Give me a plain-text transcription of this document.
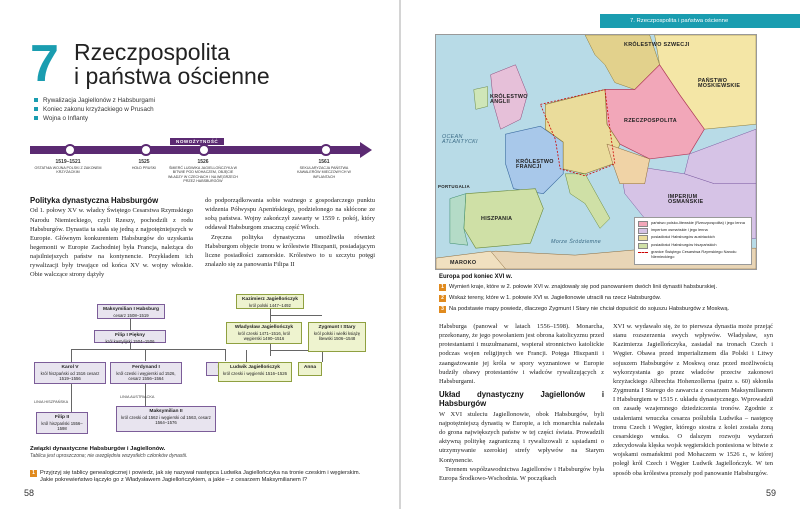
7 Rzeczpospolita
i państwa ościenne
Rywalizacja Jagiellonów z Habsburgami
Koniec zakonu krzyżackiego w Prusach
Wojna o Inflanty
NOWOŻYTNOŚĆ
1519–1521
OSTATNIA WOJNA POLSKI Z ZAKONEM KRZYŻACKIM
1525
HOŁD PRUSKI
1526
ŚMIERĆ LUDWIKA JAGIELLOŃCZYKA W BITWIE POD MOHACZEM, OBJĘCIE WŁADZY W CZECHACH I NA WĘGRZECH PRZEZ HABSBURGÓW
1561
SEKULARYZACJA PAŃSTWA KAWALERÓW MIECZOWYCH W INFLANTACH
Polityka dynastyczna Habsburgów

Od 1. połowy XV w. władcy Świętego Cesarstwa Rzymskiego Narodu Niemieckiego, czyli Rzeszy, pochodzili z rodu Habsburgów. Dynastia ta stała się jedną z najpotężniejszych w Europie. Głównym konkurentem Habsburgów do uzyskania hegemonii w Europie Zachodniej była Francja, należąca do najsilniejszych państw na kontynencie. Przykładem ich rywalizacji były trwające od końca XV w. wojny włoskie. Obie walczące strony dążyły

do podporządkowania sobie ważnego z gospodarczego punktu widzenia Półwyspu Apenińskiego, podzielonego na skłócone ze sobą państwa. Wojny zakończył zawarty w 1559 r. pokój, który oddawał Habsburgom znaczną część Włoch.

Zręczna polityka dynastyczna umożliwiła również Habsburgom objęcie tronu w królestwie Hiszpanii, posiadającym liczne posiadłości zamorskie. Królestwo to u szczytu potęgi znalazło się za panowania Filipa II

Maksymilian I Habsburg
cesarz 1508–1519
Filip I Piękny
król kastylijski 1504–1506
Karol V
król hiszpański od 1516 cesarz 1519–1556
Ferdynand I
król czeski i węgierski od 1526, cesarz 1556–1564
Filip II
król hiszpański 1556–1598
Maksymilian II
król czeski od 1562 i węgierski od 1563, cesarz 1564–1576
Kazimierz Jagiellończyk
król polski 1447–1492
Władysław Jagiellończyk
król czeski 1471–1516, król węgierski 1490–1516
Zygmunt I Stary
król polski i wielki książę litewski 1506–1548
Ludwik Jagiellończyk
król czeski i węgierski 1516–1526
Anna
LINIA HISZPAŃSKA
LINIA AUSTRIACKA
Związki dynastyczne Habsburgów i Jagiellonów.
Tablica jest uproszczona; nie uwzględnia wszystkich członków dynastii.
1 Przyjrzyj się tablicy genealogicznej i powiedz, jak się nazywał następca Ludwika Jagiellończyka na tronie czeskim i węgierskim. Jakie pokrewieństwo łączyło go z Władysławem Jagiellończykiem, a jakie – z cesarzem Maksymilianem I?
58
7. Rzeczpospolita i państwa ościenne
KRÓLESTWO SZWECJI
PAŃSTWO MOSKIEWSKIE
RZECZPOSPOLITA
KRÓLESTWO ANGLII
KRÓLESTWO FRANCJI
HISZPANIA
PORTUGALIA
MAROKO
IMPERIUM OSMAŃSKIE
Morze Śródziemne
OCEAN ATLANTYCKI
państwo polsko-litewskie (Rzeczpospolita) i jego lenna
imperium osmańskie i jego lenna
posiadłości Habsburgów austriackich
posiadłości Habsburgów hiszpańskich
granice Świętego Cesarstwa Rzymskiego Narodu Niemieckiego
Europa pod koniec XVI w.
1 Wymień kraje, które w 2. połowie XVI w. znajdowały się pod panowaniem dwóch linii dynastii habsburskiej.
2 Wskaż tereny, które w 1. połowie XVI w. Jagiellonowie utracili na rzecz Habsburgów.
3 Na podstawie mapy powiedz, dlaczego Zygmunt I Stary nie chciał dopuścić do sojuszu Habsburgów z Moskwą.

Habsburga (panował w latach 1556–1598). Monarcha, przekonany, że jego powołaniem jest obrona katolicyzmu przed protestantami i muzułmanami, wspierał stronnictwo katolickie podczas wojen religijnych we Francji. Potęga Hiszpanii i zaangażowanie jej króla w spory wyznaniowe w Europie budziły obawy protestantów i władców rywalizujących z Habsburgami.

Układ dynastyczny Jagiellonów i Habsburgów

W XVI stuleciu Jagiellonowie, obok Habsburgów, byli najpotężniejszą dynastią w Europie, a ich monarchia należała do grona największych państw w tej części świata. Prowadzili aktywną politykę zagraniczną i rywalizowali z sąsiadami o utrzymywanie szerokiej strefy wpływów na Starym Kontynencie.

Terenem współzawodnictwa Jagiellonów i Habsburgów była Europa Środkowo-Wschodnia. W początkach

XVI w. wydawało się, że to pierwsza dynastia może przejąć stanu rozszerzenia swych wpływów. Władysław, syn Kazimierza Jagiellończyka, zasiadał na tronach Czech i Węgier. Obawa przed imperializmem dla Polski i Litwy sojuszem Habsburgów z Moskwą oraz przed możliwością wykorzystania go przez władców przeciw zakonowi krzyżackiego Albrechta Hohenzollerna (patrz s. 60) skłoniła Zygmunta I Starego do zawarcia z cesarzem Maksymilianem I Habsburgiem w 1515 r. układu dynastycznego. Wprowadził on zasadę wzajemnego dziedziczenia tronów. Zgodnie z ustaleniami wnuczka cesarza poślubiła Ludwika – następcę tronu Czech i Węgier, którego siostra z kolei została żoną cesarskiego wnuka. O dalszym rozwoju wydarzeń zdecydowała klęska wojsk węgierskich poniesiona w bitwie z wojskami osmańskimi pod Mohaczem w 1526 r., w której poległ król Czech i Węgier Ludwik Jagiellończyk. W ten sposób oba królestwa przeszły pod panowanie Habsburgów.

59
